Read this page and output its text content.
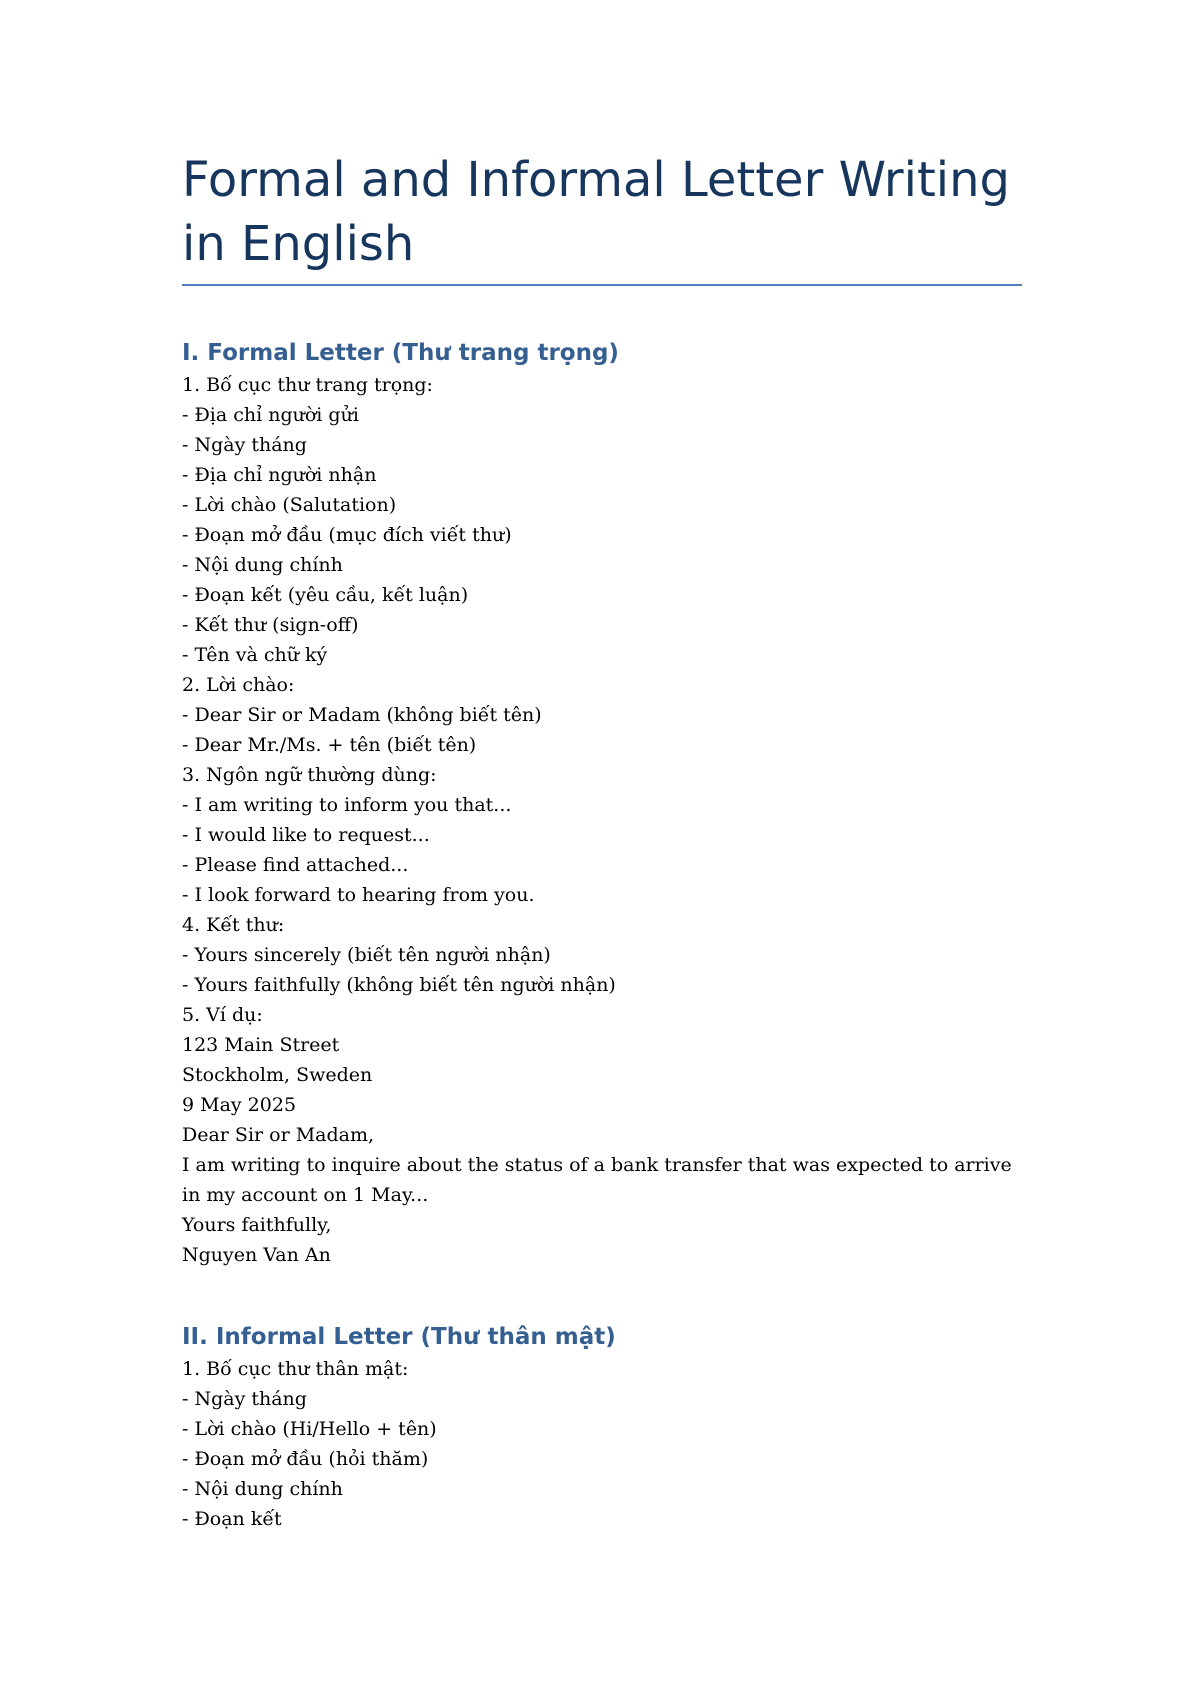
Formal and Informal Letter Writing in English
I. Formal Letter (Thư trang trọng)
1. Bố cục thư trang trọng:
- Địa chỉ người gửi
- Ngày tháng
- Địa chỉ người nhận
- Lời chào (Salutation)
- Đoạn mở đầu (mục đích viết thư)
- Nội dung chính
- Đoạn kết (yêu cầu, kết luận)
- Kết thư (sign-off)
- Tên và chữ ký
2. Lời chào:
- Dear Sir or Madam (không biết tên)
- Dear Mr./Ms. + tên (biết tên)
3. Ngôn ngữ thường dùng:
- I am writing to inform you that...
- I would like to request...
- Please find attached...
- I look forward to hearing from you.
4. Kết thư:
- Yours sincerely (biết tên người nhận)
- Yours faithfully (không biết tên người nhận)
5. Ví dụ:
123 Main Street
Stockholm, Sweden
9 May 2025
Dear Sir or Madam,
I am writing to inquire about the status of a bank transfer that was expected to arrive in my account on 1 May...
Yours faithfully,
Nguyen Van An
II. Informal Letter (Thư thân mật)
1. Bố cục thư thân mật:
- Ngày tháng
- Lời chào (Hi/Hello + tên)
- Đoạn mở đầu (hỏi thăm)
- Nội dung chính
- Đoạn kết
